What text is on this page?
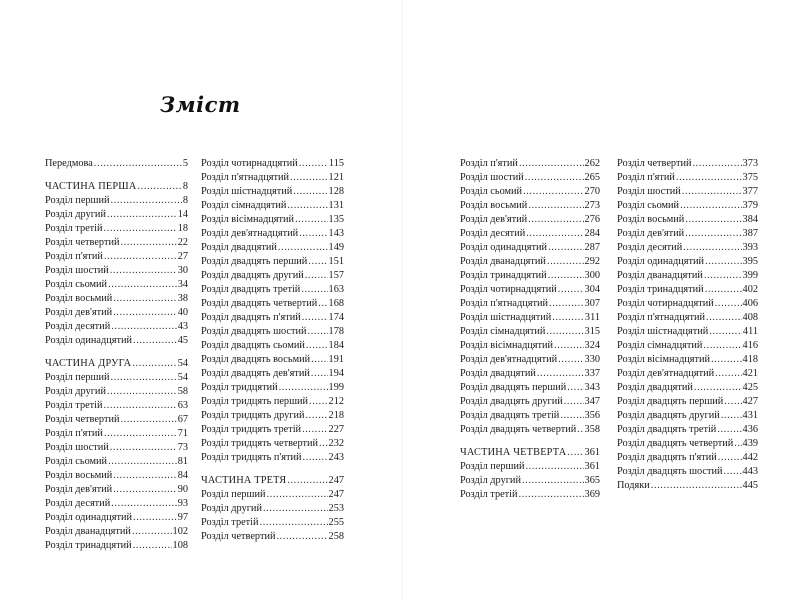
Зміст
Передмова .....	5
ЧАСТИНА ПЕРША .....	8
Розділ перший .....	8
Розділ другий .....	14
Розділ третій .....	18
Розділ четвертий .....	22
Розділ п'ятий .....	27
Розділ шостий .....	30
Розділ сьомий .....	34
Розділ восьмий .....	38
Розділ дев'ятий .....	40
Розділ десятий .....	43
Розділ одинадцятий .....	45
ЧАСТИНА ДРУГА .....	54
Розділ перший .....	54
Розділ другий .....	58
Розділ третій .....	63
Розділ четвертий .....	67
Розділ п'ятий .....	71
Розділ шостий .....	73
Розділ сьомий .....	81
Розділ восьмий .....	84
Розділ дев'ятий .....	90
Розділ десятий .....	93
Розділ одинадцятий .....	97
Розділ дванадцятий .....	102
Розділ тринадцятий .....	108
Розділ чотирнадцятий .....	115
Розділ п'ятнадцятий .....	121
Розділ шістнадцятий .....	128
Розділ сімнадцятий .....	131
Розділ вісімнадцятий .....	135
Розділ дев'ятнадцятий .....	143
Розділ двадцятий .....	149
Розділ двадцять перший ..... 151
Розділ двадцять другий ..... 157
Розділ двадцять третій .....	163
Розділ двадцять четвертий ..... 168
Розділ двадцять п'ятий .....	174
Розділ двадцять шостий ..... 178
Розділ двадцять сьомий ..... 184
Розділ двадцять восьмий ..... 191
Розділ двадцять дев'ятий ..... 194
Розділ тридцятий .....	199
Розділ тридцять перший ..... 212
Розділ тридцять другий ..... 218
Розділ тридцять третій .....	227
Розділ тридцять четвертий ..... 232
Розділ тридцять п'ятий .....	243
ЧАСТИНА ТРЕТЯ .....	247
Розділ перший .....	247
Розділ другий .....	253
Розділ третій .....	255
Розділ четвертий .....	258
Розділ п'ятий .....	262
Розділ шостий .....	265
Розділ сьомий .....	270
Розділ восьмий .....	273
Розділ дев'ятий .....	276
Розділ десятий .....	284
Розділ одинадцятий .....	287
Розділ дванадцятий .....	292
Розділ тринадцятий .....	300
Розділ чотирнадцятий .....	304
Розділ п'ятнадцятий .....	307
Розділ шістнадцятий .....	311
Розділ сімнадцятий .....	315
Розділ вісімнадцятий .....	324
Розділ дев'ятнадцятий .....	330
Розділ двадцятий .....	337
Розділ двадцять перший ..... 343
Розділ двадцять другий ..... 347
Розділ двадцять третій ..... 356
Розділ двадцять четвертий ..... 358
ЧАСТИНА ЧЕТВЕРТА ..... 361
Розділ перший .....	361
Розділ другий .....	365
Розділ третій .....	369
Розділ четвертий .....	373
Розділ п'ятий .....	375
Розділ шостий .....	377
Розділ сьомий .....	379
Розділ восьмий .....	384
Розділ дев'ятий .....	387
Розділ десятий .....	393
Розділ одинадцятий .....	395
Розділ дванадцятий .....	399
Розділ тринадцятий .....	402
Розділ чотирнадцятий .....	406
Розділ п'ятнадцятий .....	408
Розділ шістнадцятий .....	411
Розділ сімнадцятий .....	416
Розділ вісімнадцятий .....	418
Розділ дев'ятнадцятий .....	421
Розділ двадцятий .....	425
Розділ двадцять перший ..... 427
Розділ двадцять другий ..... 431
Розділ двадцять третій .....	436
Розділ двадцять четвертий ..... 439
Розділ двадцять п'ятий .....	442
Розділ двадцять шостий ..... 443
Подяки .....	445
